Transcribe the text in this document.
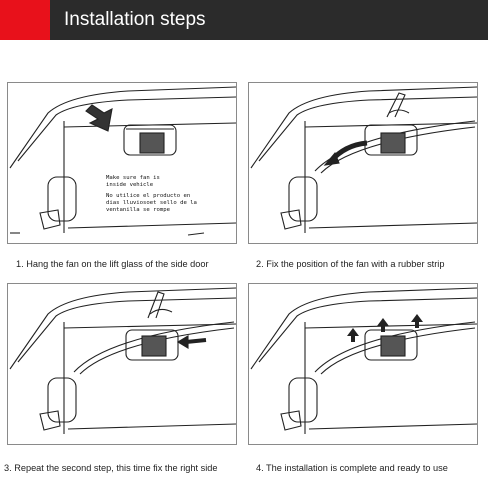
Installation steps
Make sure fan is
inside vehicle
No utilice el producto en
dias lluviosoet sello de la
ventanilla se rompe
1. Hang the fan on the lift glass of the side door	2. Fix the position of the fan with a rubber strip
3. Repeat the second step, this time fix the right side	4. The installation is complete and ready to use
